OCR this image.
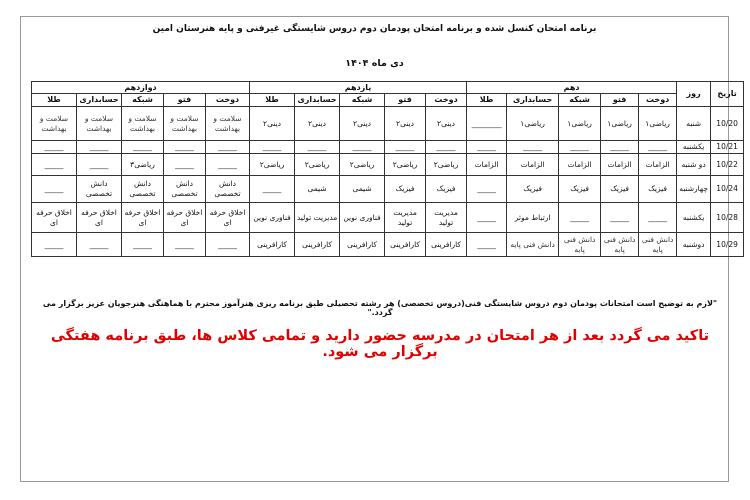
برنامه امتحان کنسل شده و برنامه امتحان پودمان دوم دروس شایستگی غیرفنی و پایه هنرستان امین
دی ماه ۱۴۰۴
تاریخ	روز	دهم					یازدهم					دوازدهم				
		دوخت	فتو	شبکه	حسابداری	طلا	دوخت	فتو	شبکه	حسابداری	طلا	دوخت	فتو	شبکه	حسابداری	طلا
10/20	شنبه	ریاضی۱	ریاضی۱	ریاضی۱	ریاضی۱	________	دینی۲	دینی۲	دینی۲	دینی۲	دینی۲	سلامت و بهداشت	سلامت و بهداشت	سلامت و بهداشت	سلامت و بهداشت	سلامت و بهداشت
10/21	یکشنبه	_____	_____	_____	_____	_____	_____	_____	_____	_____	_____	_____	_____	_____	_____	_____
10/22	دو شنبه	الزامات	الزامات	الزامات	الزامات	الزامات	ریاضی۲	ریاضی۲	ریاضی۲	ریاضی۲	ریاضی۲	_____	_____	ریاضی۳	_____	_____
10/24	چهارشنبه	فیزیک	فیزیک	فیزیک	فیزیک	_____	فیزیک	فیزیک	شیمی	شیمی	_____	دانش تخصصی	دانش تخصصی	دانش تخصصی	دانش تخصصی	_____
10/28	یکشنبه	_____	_____	_____	ارتباط موثر	_____	مدیریت تولید	مدیریت تولید	فناوری نوین	مدیریت تولید	فناوری نوین	اخلاق حرفه ای	اخلاق حرفه ای	اخلاق حرفه ای	اخلاق حرفه ای	اخلاق حرفه ای
10/29	دوشنبه	دانش فنی پایه	دانش فنی پایه	دانش فنی پایه	دانش فنی پایه	_____	کارافرینی	کارافرینی	کارافرینی	کارافرینی	کارافرینی	_____	_____	_____	_____	_____
"لازم به توضیح است امتحانات پودمان دوم دروس شایستگی فنی(دروس تخصصی) هر رشته تحصیلی طبق برنامه ریزی هنرآموز محترم با هماهنگی هنرجویان عزیز برگزار می گردد."
تاکید می گردد بعد از هر امتحان در مدرسه حضور دارید و تمامی کلاس ها، طبق برنامه هفتگی برگزار می شود.
